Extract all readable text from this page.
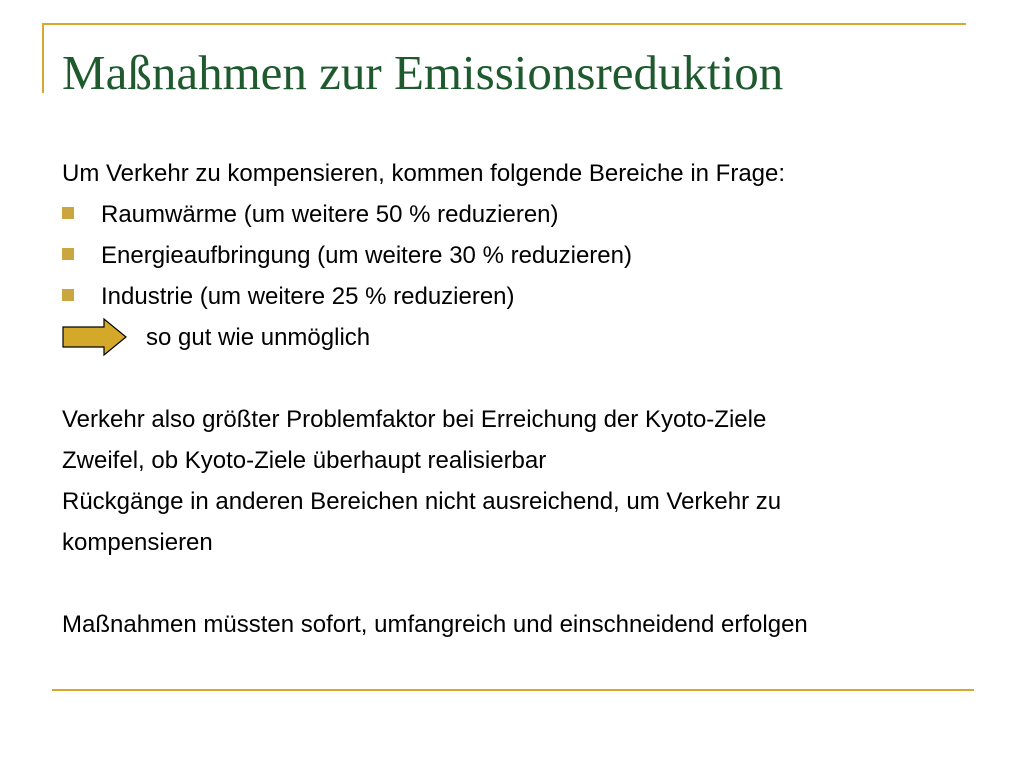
Maßnahmen zur Emissionsreduktion
Um Verkehr zu kompensieren, kommen folgende Bereiche in Frage:
Raumwärme (um weitere 50 % reduzieren)
Energieaufbringung (um weitere 30 % reduzieren)
Industrie (um weitere 25 % reduzieren)
so gut wie unmöglich
Verkehr also größter Problemfaktor bei Erreichung der Kyoto-Ziele
Zweifel, ob Kyoto-Ziele überhaupt realisierbar
Rückgänge in anderen Bereichen nicht ausreichend, um Verkehr zu
kompensieren
Maßnahmen müssten sofort, umfangreich und einschneidend erfolgen
